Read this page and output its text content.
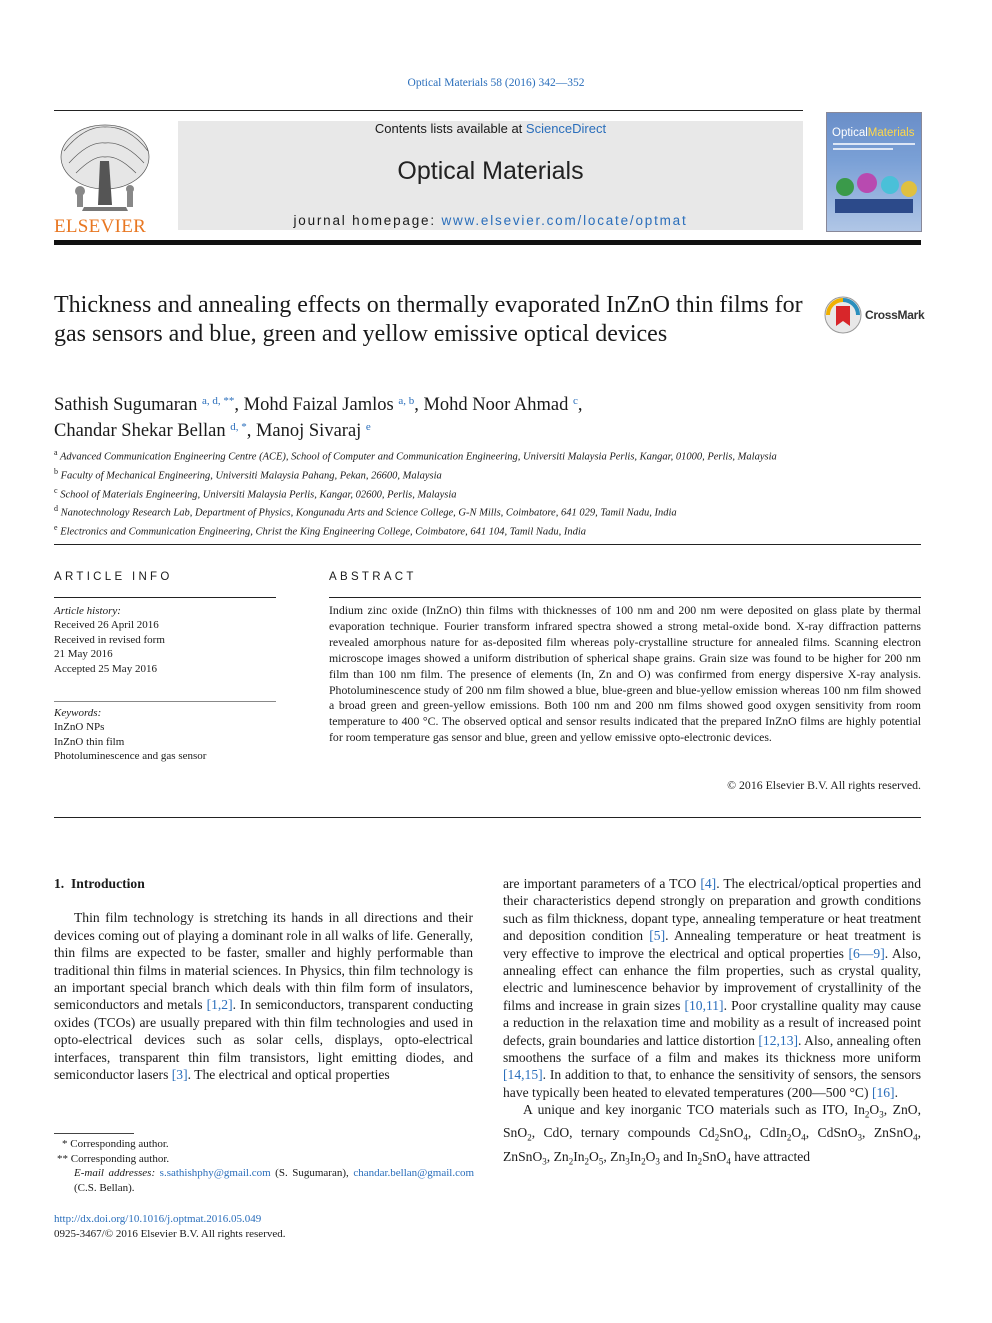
Optical Materials 58 (2016) 342—352
ELSEVIER
Contents lists available at ScienceDirect
Optical Materials
journal homepage: www.elsevier.com/locate/optmat
OpticalMaterials
Thickness and annealing effects on thermally evaporated InZnO thin films for gas sensors and blue, green and yellow emissive optical devices
CrossMark
Sathish Sugumaran $^{a, d, **}$, Mohd Faizal Jamlos $^{a, b}$, Mohd Noor Ahmad $^c$,
Chandar Shekar Bellan $^{d, *}$, Manoj Sivaraj $^e$
$^a$ Advanced Communication Engineering Centre (ACE), School of Computer and Communication Engineering, Universiti Malaysia Perlis, Kangar, 01000, Perlis, Malaysia
$^b$ Faculty of Mechanical Engineering, Universiti Malaysia Pahang, Pekan, 26600, Malaysia
$^c$ School of Materials Engineering, Universiti Malaysia Perlis, Kangar, 02600, Perlis, Malaysia
$^d$ Nanotechnology Research Lab, Department of Physics, Kongunadu Arts and Science College, G-N Mills, Coimbatore, 641 029, Tamil Nadu, India
$^e$ Electronics and Communication Engineering, Christ the King Engineering College, Coimbatore, 641 104, Tamil Nadu, India
ARTICLE INFO
Article history:
Received 26 April 2016
Received in revised form
21 May 2016
Accepted 25 May 2016
Keywords:
InZnO NPs
InZnO thin film
Photoluminescence and gas sensor
ABSTRACT
Indium zinc oxide (InZnO) thin films with thicknesses of 100 nm and 200 nm were deposited on glass plate by thermal evaporation technique. Fourier transform infrared spectra showed a strong metal-oxide bond. X-ray diffraction patterns revealed amorphous nature for as-deposited film whereas poly-crystalline structure for annealed films. Scanning electron microscope images showed a uniform distribution of spherical shape grains. Grain size was found to be higher for 200 nm film than 100 nm film. The presence of elements (In, Zn and O) was confirmed from energy dispersive X-ray analysis. Photoluminescence study of 200 nm film showed a blue, blue-green and blue-yellow emission whereas 100 nm film showed a broad green and green-yellow emissions. Both 100 nm and 200 nm films showed good oxygen sensitivity from room temperature to 400 °C. The observed optical and sensor results indicated that the prepared InZnO films are highly potential for room temperature gas sensor and blue, green and yellow emissive opto-electronic devices.
© 2016 Elsevier B.V. All rights reserved.

1. Introduction

Thin film technology is stretching its hands in all directions and their devices coming out of playing a dominant role in all walks of life. Generally, thin films are expected to be faster, smaller and highly performable than traditional thin films in material sciences. In Physics, thin film technology is an important special branch which deals with thin film form of insulators, semiconductors and metals [1,2]. In semiconductors, transparent conducting oxides (TCOs) are usually prepared with thin film technologies and used in opto-electrical devices such as solar cells, displays, opto-electrical interfaces, transparent thin film transistors, light emitting diodes, and semiconductor lasers [3]. The electrical and optical properties

are important parameters of a TCO [4]. The electrical/optical properties and their characteristics depend strongly on preparation and growth conditions such as film thickness, dopant type, annealing temperature or heat treatment and deposition condition [5]. Annealing temperature or heat treatment is very effective to improve the electrical and optical properties [6—9]. Also, annealing effect can enhance the film properties, such as crystal quality, electric and luminescence behavior by improvement of crystallinity of the films and increase in grain sizes [10,11]. Poor crystalline quality may cause a reduction in the relaxation time and mobility as a result of increased point defects, grain boundaries and lattice distortion [12,13]. Also, annealing often smoothens the surface of a film and makes its thickness more uniform [14,15]. In addition to that, to enhance the sensitivity of sensors, the sensors have typically been heated to elevated temperatures (200—500 °C) [16].

A unique and key inorganic TCO materials such as ITO, $In_2O_3$, ZnO, SnO$_2$, CdO, ternary compounds $Cd_2SnO_4$, $CdIn_2O_4$, CdSnO$_3$, ZnSnO$_4$, ZnSnO$_3$, $Zn_2In_2O_5$, $Zn_3In_2O_3$ and $In_2SnO_4$ have attracted

* Corresponding author.
** Corresponding author.
E-mail addresses: s.sathishphy@gmail.com (S. Sugumaran), chandar.bellan@gmail.com (C.S. Bellan).
http://dx.doi.org/10.1016/j.optmat.2016.05.049
0925-3467/© 2016 Elsevier B.V. All rights reserved.
